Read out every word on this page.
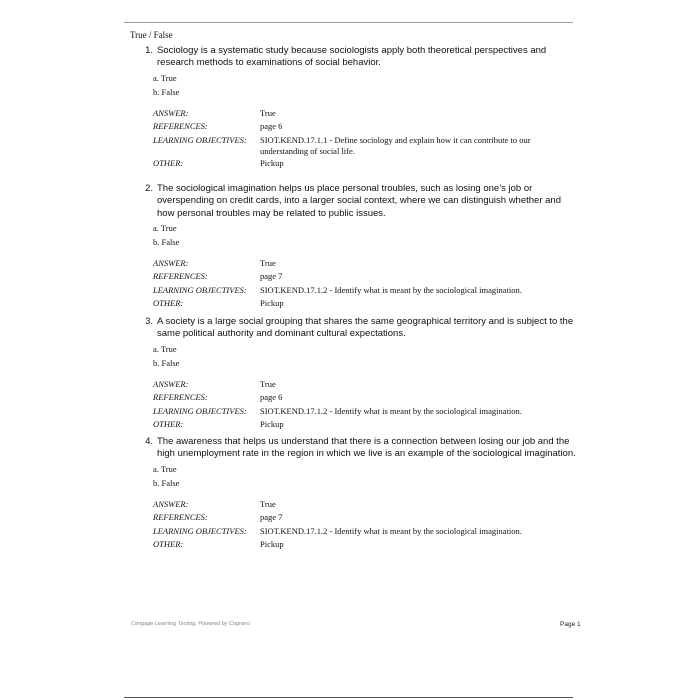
True / False
1. Sociology is a systematic study because sociologists apply both theoretical perspectives and research methods to examinations of social behavior.
a. True
b. False
ANSWER:	True
REFERENCES:	page 6
LEARNING OBJECTIVES:	SIOT.KEND.17.1.1 - Define sociology and explain how it can contribute to our understanding of social life.
OTHER:	Pickup
2. The sociological imagination helps us place personal troubles, such as losing one’s job or overspending on credit cards, into a larger social context, where we can distinguish whether and how personal troubles may be related to public issues.
a. True
b. False
ANSWER:	True
REFERENCES:	page 7
LEARNING OBJECTIVES:	SIOT.KEND.17.1.2 - Identify what is meant by the sociological imagination.
OTHER:	Pickup
3. A society is a large social grouping that shares the same geographical territory and is subject to the same political authority and dominant cultural expectations.
a. True
b. False
ANSWER:	True
REFERENCES:	page 6
LEARNING OBJECTIVES:	SIOT.KEND.17.1.2 - Identify what is meant by the sociological imagination.
OTHER:	Pickup
4. The awareness that helps us understand that there is a connection between losing our job and the high unemployment rate in the region in which we live is an example of the sociological imagination.
a. True
b. False
ANSWER:	True
REFERENCES:	page 7
LEARNING OBJECTIVES:	SIOT.KEND.17.1.2 - Identify what is meant by the sociological imagination.
OTHER:	Pickup
Cengage Learning Testing, Powered by Cognero	Page 1
